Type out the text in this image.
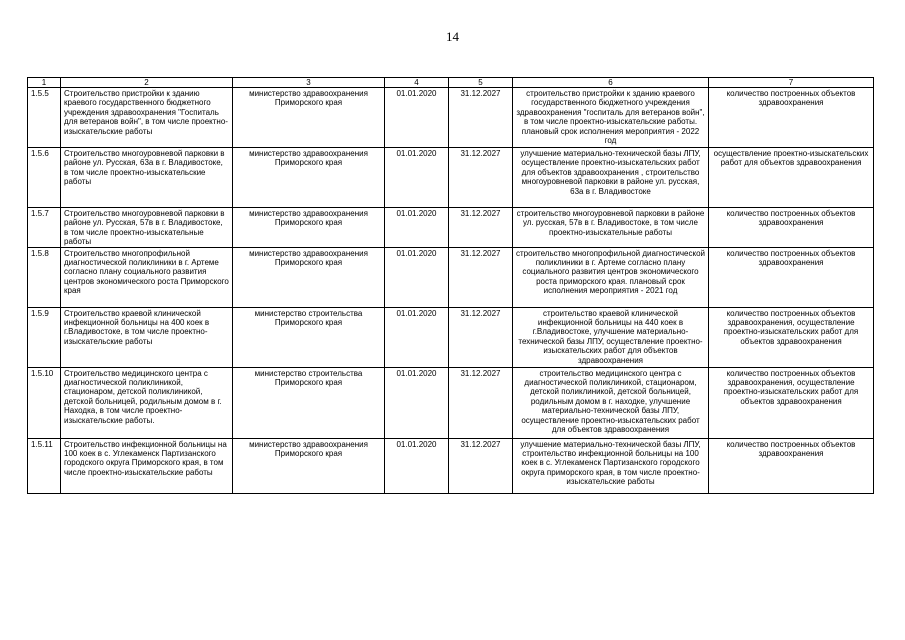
14
1	2	3	4	5	6	7
1.5.5	Строительство пристройки к зданию краевого государственного бюджетного учреждения здравоохранения "Госпиталь для ветеранов войн", в том числе проектно-изыскательские работы	министерство здравоохранения Приморского края	01.01.2020	31.12.2027	строительство пристройки к зданию краевого государственного бюджетного учреждения здравоохранения "госпиталь для ветеранов войн", в том числе проектно-изыскательские работы. плановый срок исполнения мероприятия - 2022 год	количество построенных объектов здравоохранения
1.5.6	Строительство многоуровневой парковки в районе ул. Русская, 63а в г. Владивостоке, в том числе проектно-изыскательские работы	министерство здравоохранения Приморского края	01.01.2020	31.12.2027	улучшение материально-технической базы ЛПУ, осуществление проектно-изыскательских работ для объектов здравоохранения , строительство многоуровневой парковки в районе ул. русская, 63а в г. Владивостоке	осуществление проектно-изыскательских работ для объектов здравоохранения
1.5.7	Строительство многоуровневой парковки в районе ул. Русская, 57в в г. Владивостоке, в том числе проектно-изыскательные работы	министерство здравоохранения Приморского края	01.01.2020	31.12.2027	строительство многоуровневой парковки в районе ул. русская, 57в в г. Владивостоке, в том числе проектно-изыскательные работы	количество построенных объектов здравоохранения
1.5.8	Строительство многопрофильной диагностической поликлиники в г. Артеме согласно плану социального развития центров экономического роста Приморского края	министерство здравоохранения Приморского края	01.01.2020	31.12.2027	строительство многопрофильной диагностической поликлиники в г. Артеме согласно плану социального развития центров экономического роста приморского края. плановый срок исполнения мероприятия - 2021 год	количество построенных объектов здравоохранения
1.5.9	Строительство краевой клинической инфекционной больницы на 400 коек в г.Владивостоке, в том числе проектно-изыскательские работы	министерство строительства Приморского края	01.01.2020	31.12.2027	строительство краевой клинической инфекционной больницы на 440 коек в г.Владивостоке, улучшение материально-технической базы ЛПУ, осуществление проектно-изыскательских работ для объектов здравоохранения	количество построенных объектов здравоохранения, осуществление проектно-изыскательских работ для объектов здравоохранения
1.5.10	Строительство медицинского центра с диагностической поликлиникой, стационаром, детской поликлиникой, детской больницей, родильным домом в г. Находка, в том числе проектно-изыскательские работы.	министерство строительства Приморского края	01.01.2020	31.12.2027	строительство медицинского центра с диагностической поликлиникой, стационаром, детской поликлиникой, детской больницей, родильным домом в г. находке, улучшение материально-технической базы ЛПУ, осуществление проектно-изыскательских работ для объектов здравоохранения	количество построенных объектов здравоохранения, осуществление проектно-изыскательских работ для объектов здравоохранения
1.5.11	Строительство инфекционной больницы на 100 коек в с. Углекаменск Партизанского городского округа Приморского края, в том числе проектно-изыскательские работы	министерство здравоохранения Приморского края	01.01.2020	31.12.2027	улучшение материально-технической базы ЛПУ, строительство инфекционной больницы на 100 коек в с. Углекаменск Партизанского городского округа приморского края, в том числе проектно-изыскательские работы	количество построенных объектов здравоохранения
